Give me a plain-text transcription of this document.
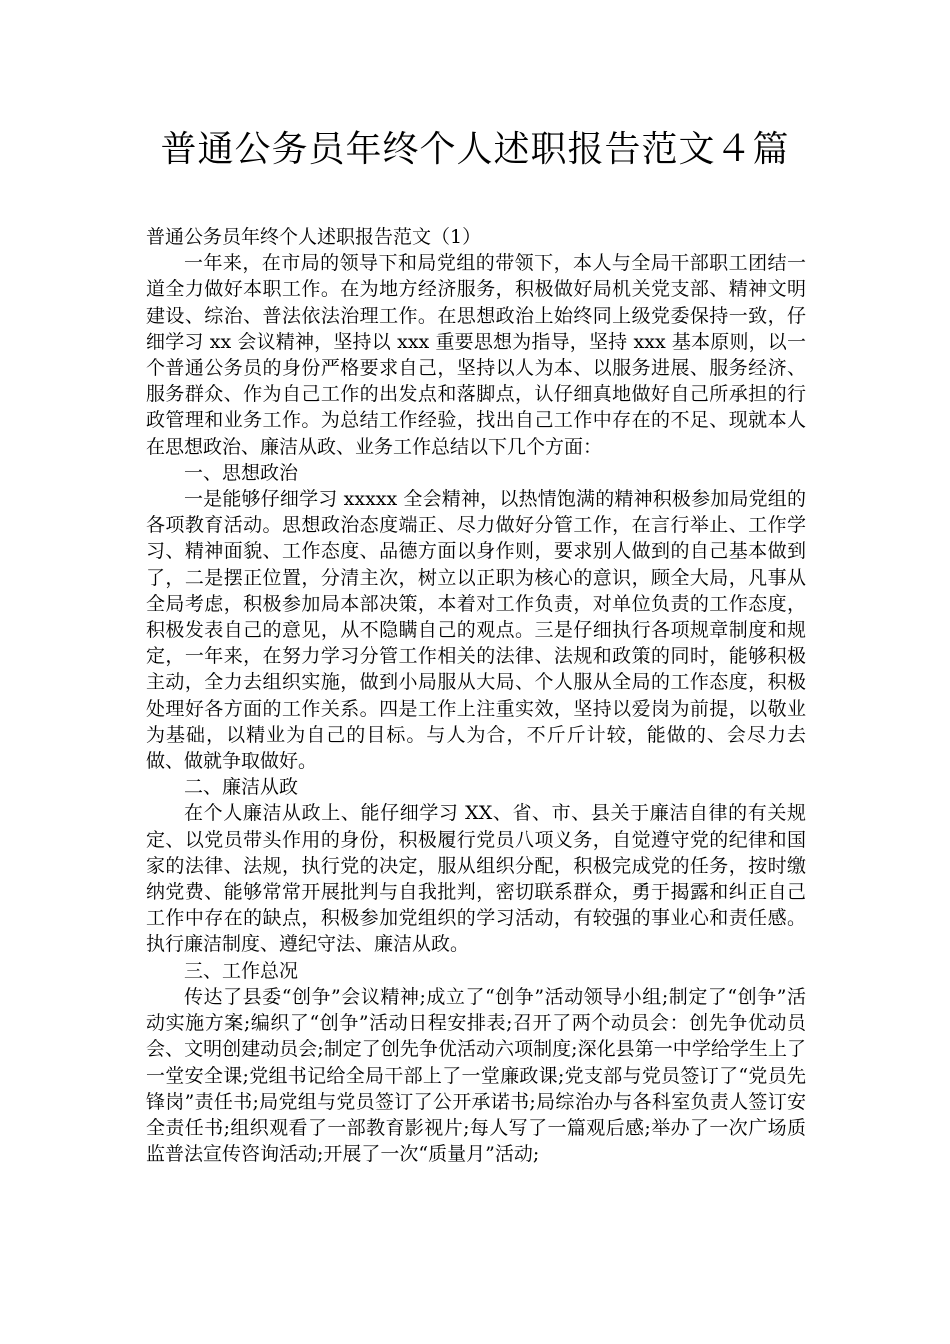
普通公务员年终个人述职报告范文４篇

普通公务员年终个人述职报告范文（1）

一年来，在市局的领导下和局党组的带领下，本人与全局干部职工团结一道全力做好本职工作。在为地方经济服务，积极做好局机关党支部、精神文明建设、综治、普法依法治理工作。在思想政治上始终同上级党委保持一致，仔细学习 xx 会议精神，坚持以 xxx 重要思想为指导，坚持 xxx 基本原则，以一个普通公务员的身份严格要求自己，坚持以人为本、以服务进展、服务经济、服务群众、作为自己工作的出发点和落脚点，认仔细真地做好自己所承担的行政管理和业务工作。为总结工作经验，找出自己工作中存在的不足、现就本人在思想政治、廉洁从政、业务工作总结以下几个方面：

一、思想政治

一是能够仔细学习 xxxxx 全会精神，以热情饱满的精神积极参加局党组的各项教育活动。思想政治态度端正、尽力做好分管工作，在言行举止、工作学习、精神面貌、工作态度、品德方面以身作则，要求别人做到的自己基本做到了，二是摆正位置，分清主次，树立以正职为核心的意识，顾全大局，凡事从全局考虑，积极参加局本部决策，本着对工作负责，对单位负责的工作态度，积极发表自己的意见，从不隐瞒自己的观点。三是仔细执行各项规章制度和规定，一年来，在努力学习分管工作相关的法律、法规和政策的同时，能够积极主动，全力去组织实施，做到小局服从大局、个人服从全局的工作态度，积极处理好各方面的工作关系。四是工作上注重实效，坚持以爱岗为前提，以敬业为基础，以精业为自己的目标。与人为合，不斤斤计较，能做的、会尽力去做、做就争取做好。

二、廉洁从政

在个人廉洁从政上、能仔细学习 XX、省、市、县关于廉洁自律的有关规定、以党员带头作用的身份，积极履行党员八项义务，自觉遵守党的纪律和国家的法律、法规，执行党的决定，服从组织分配，积极完成党的任务，按时缴纳党费、能够常常开展批判与自我批判，密切联系群众，勇于揭露和纠正自己工作中存在的缺点，积极参加党组织的学习活动，有较强的事业心和责任感。执行廉洁制度、遵纪守法、廉洁从政。

三、工作总况

传达了县委“创争”会议精神;成立了“创争”活动领导小组;制定了“创争”活动实施方案;编织了“创争”活动日程安排表;召开了两个动员会：创先争优动员会、文明创建动员会;制定了创先争优活动六项制度;深化县第一中学给学生上了一堂安全课;党组书记给全局干部上了一堂廉政课;党支部与党员签订了“党员先锋岗”责任书;局党组与党员签订了公开承诺书;局综治办与各科室负责人签订安全责任书;组织观看了一部教育影视片;每人写了一篇观后感;举办了一次广场质监普法宣传咨询活动;开展了一次“质量月”活动;
